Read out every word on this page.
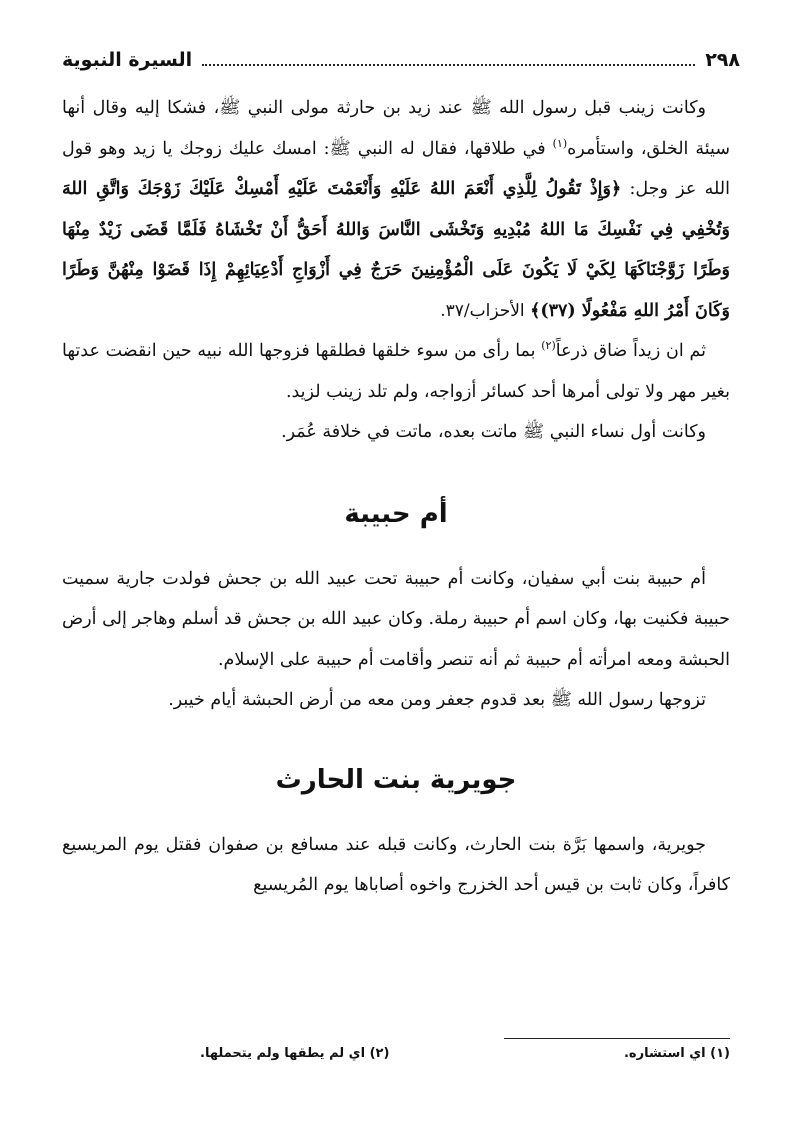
٢٩٨
السيرة النبوية

وكانت زينب قبل رسول الله ﷺ عند زيد بن حارثة مولى النبي ﷺ، فشكا إليه وقال أنها سيئة الخلق، واستأمره$^{(١)}$ في طلاقها، فقال له النبي ﷺ: امسك عليك زوجك يا زيد وهو قول الله عز وجل: ﴿وَإِذْ تَقُولُ لِلَّذِي أَنْعَمَ اللهُ عَلَيْهِ وَأَنْعَمْتَ عَلَيْهِ أَمْسِكْ عَلَيْكَ زَوْجَكَ وَاتَّقِ اللهَ وَتُخْفِي فِي نَفْسِكَ مَا اللهُ مُبْدِيهِ وَتَخْشَى النَّاسَ وَاللهُ أَحَقُّ أَنْ تَخْشَاهُ فَلَمَّا قَضَى زَيْدٌ مِنْهَا وَطَرًا زَوَّجْنَاكَهَا لِكَيْ لَا يَكُونَ عَلَى الْمُؤْمِنِينَ حَرَجٌ فِي أَزْوَاجِ أَدْعِيَائِهِمْ إِذَا قَضَوْا مِنْهُنَّ وَطَرًا وَكَانَ أَمْرُ اللهِ مَفْعُولًا (٣٧)﴾ الأحزاب/٣٧.

ثم ان زيداً ضاق ذرعاً$^{(٢)}$ بما رأى من سوء خلقها فطلقها فزوجها الله نبيه حين انقضت عدتها بغير مهر ولا تولى أمرها أحد كسائر أزواجه، ولم تلد زينب لزيد.

وكانت أول نساء النبي ﷺ ماتت بعده، ماتت في خلافة عُمَر.

أم حبيبة

أم حبيبة بنت أبي سفيان، وكانت أم حبيبة تحت عبيد الله بن جحش فولدت جارية سميت حبيبة فكنيت بها، وكان اسم أم حبيبة رملة. وكان عبيد الله بن جحش قد أسلم وهاجر إلى أرض الحبشة ومعه امرأته أم حبيبة ثم أنه تنصر وأقامت أم حبيبة على الإسلام.

تزوجها رسول الله ﷺ بعد قدوم جعفر ومن معه من أرض الحبشة أيام خيبر.

جويرية بنت الحارث

جويرية، واسمها بَرَّة بنت الحارث، وكانت قبله عند مسافع بن صفوان فقتل يوم المريسيع كافراً، وكان ثابت بن قيس أحد الخزرج واخوه أصاباها يوم المُريسيع

(١) اي استشاره.
(٢) اي لم يطقها ولم يتحملها.
